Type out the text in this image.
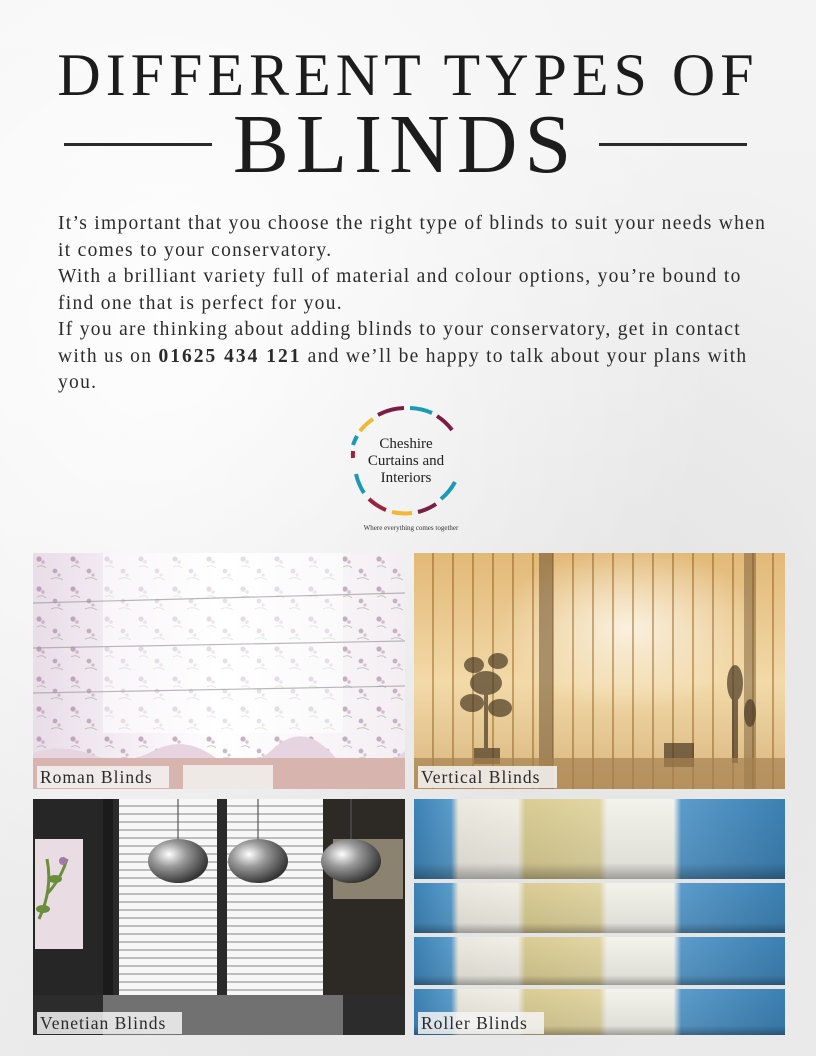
DIFFERENT TYPES OF
BLINDS

It’s important that you choose the right type of blinds to suit your needs when it comes to your conservatory.

With a brilliant variety full of material and colour options, you’re bound to find one that is perfect for you.

If you are thinking about adding blinds to your conservatory, get in contact with us on 01625 434 121 and we’ll be happy to talk about your plans with you.

Cheshire
Curtains and
Interiors
Where everything comes together
Roman Blinds	Vertical Blinds
Venetian Blinds	Roller Blinds
